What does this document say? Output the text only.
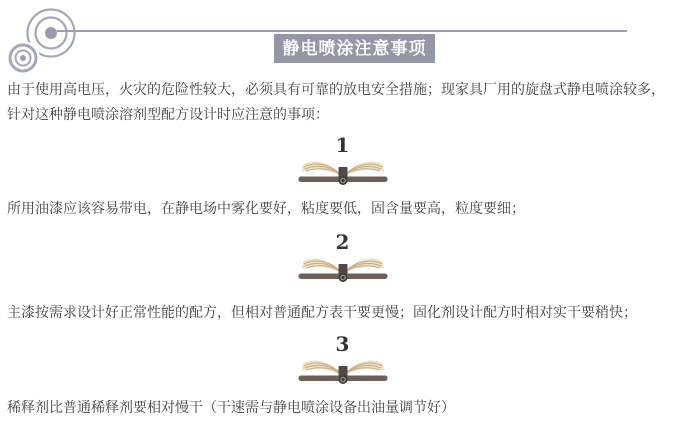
静电喷涂注意事项

由于使用高电压，火灾的危险性较大，必须具有可靠的放电安全措施；现家具厂用的旋盘式静电喷涂较多，针对这种静电喷涂溶剂型配方设计时应注意的事项：

1

所用油漆应该容易带电，在静电场中雾化要好，粘度要低，固含量要高，粒度要细；

2

主漆按需求设计好正常性能的配方，但相对普通配方表干要更慢；固化剂设计配方时相对实干要稍快；

3

稀释剂比普通稀释剂要相对慢干（干速需与静电喷涂设备出油量调节好）
